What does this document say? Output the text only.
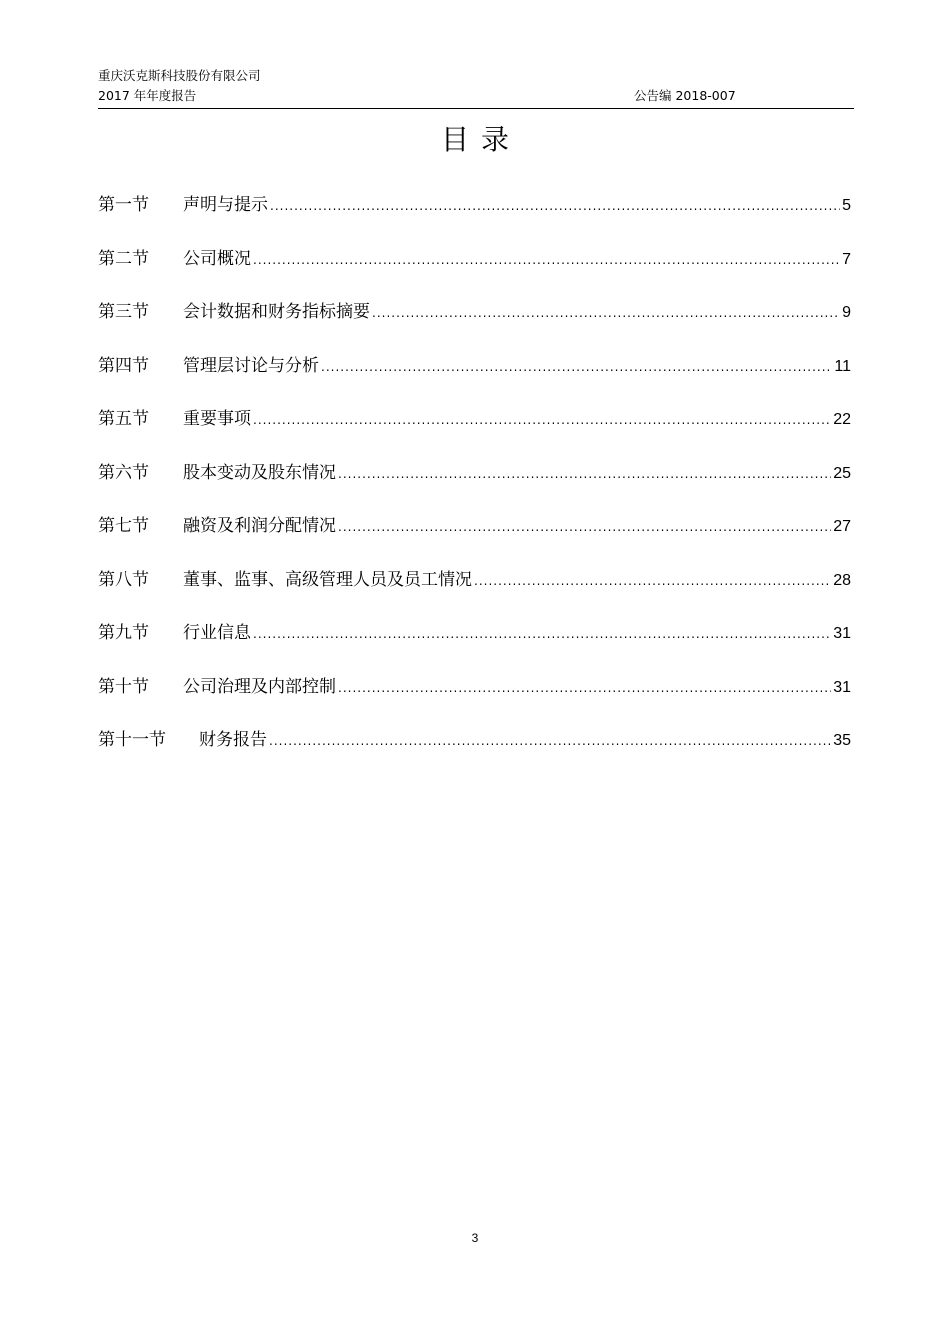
重庆沃克斯科技股份有限公司
2017 年年度报告	公告编 2018-007
目录
第一节	声明与提示 .....	5
第二节	公司概况 .....	7
第三节	会计数据和财务指标摘要 .....	9
第四节	管理层讨论与分析 .....	11
第五节	重要事项 .....	22
第六节	股本变动及股东情况 .....	25
第七节	融资及利润分配情况 .....	27
第八节	董事、监事、高级管理人员及员工情况 .....	28
第九节	行业信息 .....	31
第十节	公司治理及内部控制 .....	31
第十一节	财务报告 .....	35
3
